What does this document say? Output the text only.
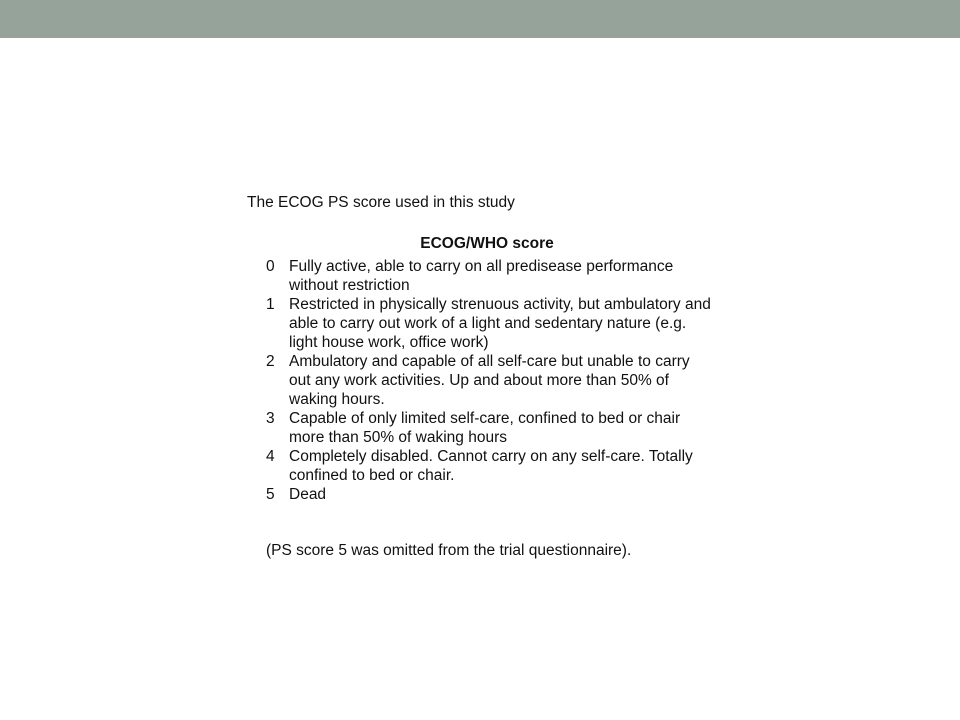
The ECOG PS score used in this study

ECOG/WHO score
0 Fully active, able to carry on all predisease performance
without restriction
1 Restricted in physically strenuous activity, but ambulatory and
able to carry out work of a light and sedentary nature (e.g.
light house work, office work)
2 Ambulatory and capable of all self-care but unable to carry
out any work activities. Up and about more than 50% of
waking hours.
3 Capable of only limited self-care, confined to bed or chair
more than 50% of waking hours
4 Completely disabled. Cannot carry on any self-care. Totally
confined to bed or chair.
5 Dead
(PS score 5 was omitted from the trial questionnaire).
